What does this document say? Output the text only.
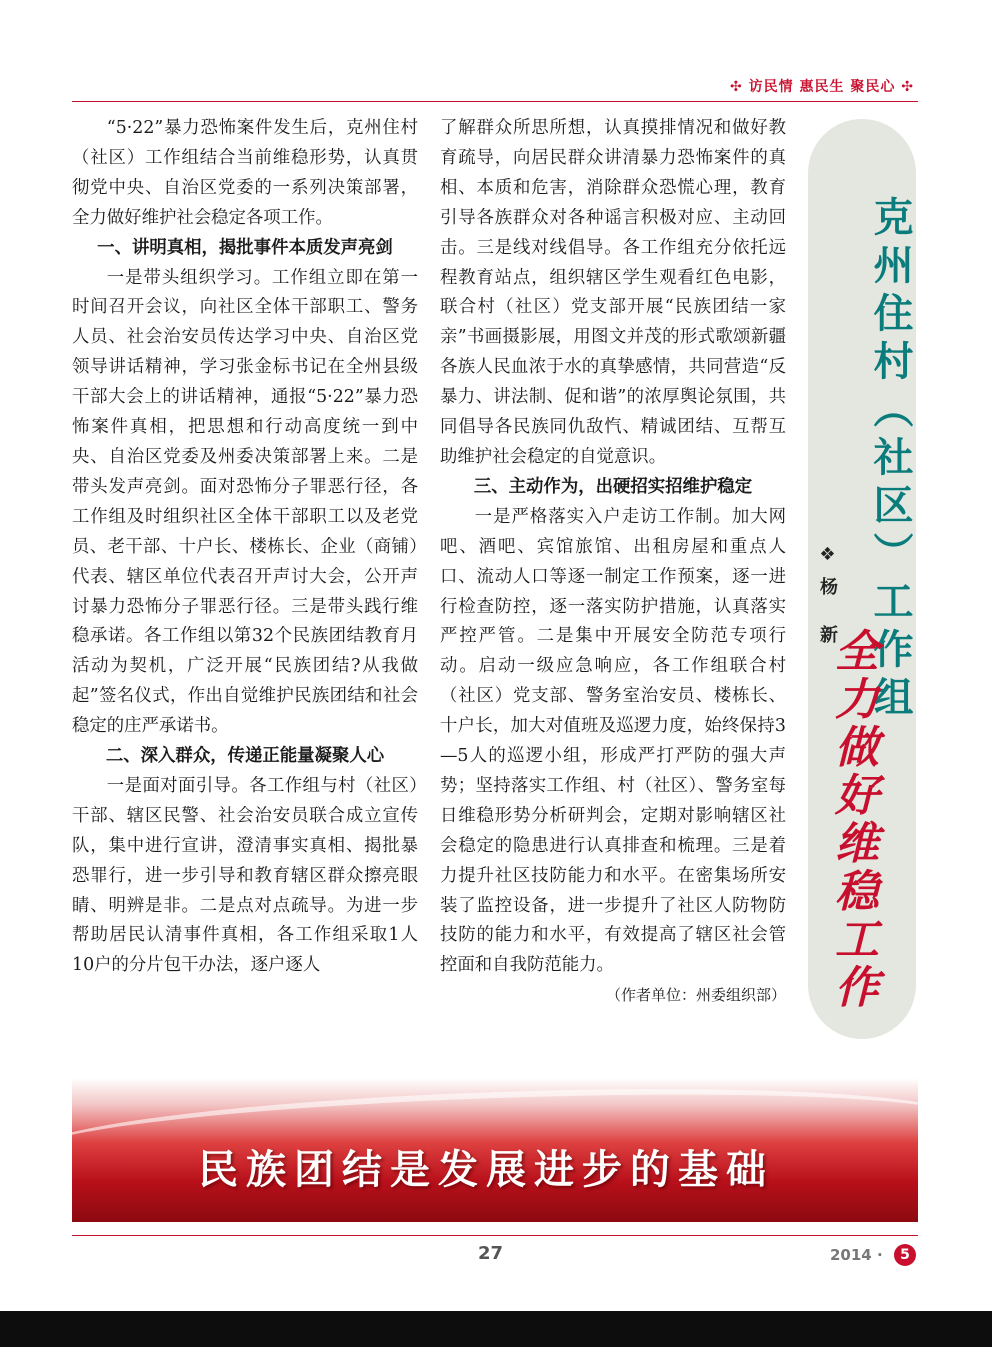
✣ 访民情 惠民生 聚民心 ✣

“5·22”暴力恐怖案件发生后，克州住村（社区）工作组结合当前维稳形势，认真贯彻党中央、自治区党委的一系列决策部署，全力做好维护社会稳定各项工作。

一、讲明真相，揭批事件本质发声亮剑

一是带头组织学习。工作组立即在第一时间召开会议，向社区全体干部职工、警务人员、社会治安员传达学习中央、自治区党领导讲话精神，学习张金标书记在全州县级干部大会上的讲话精神，通报“5·22”暴力恐怖案件真相，把思想和行动高度统一到中央、自治区党委及州委决策部署上来。二是带头发声亮剑。面对恐怖分子罪恶行径，各工作组及时组织社区全体干部职工以及老党员、老干部、十户长、楼栋长、企业（商铺）代表、辖区单位代表召开声讨大会，公开声讨暴力恐怖分子罪恶行径。三是带头践行维稳承诺。各工作组以第32个民族团结教育月活动为契机，广泛开展“民族团结?从我做起”签名仪式，作出自觉维护民族团结和社会稳定的庄严承诺书。

二、深入群众，传递正能量凝聚人心

一是面对面引导。各工作组与村（社区）干部、辖区民警、社会治安员联合成立宣传队，集中进行宣讲，澄清事实真相、揭批暴恐罪行，进一步引导和教育辖区群众擦亮眼睛、明辨是非。二是点对点疏导。为进一步帮助居民认清事件真相，各工作组采取1人10户的分片包干办法，逐户逐人

了解群众所思所想，认真摸排情况和做好教育疏导，向居民群众讲清暴力恐怖案件的真相、本质和危害，消除群众恐慌心理，教育引导各族群众对各种谣言积极对应、主动回击。三是线对线倡导。各工作组充分依托远程教育站点，组织辖区学生观看红色电影，联合村（社区）党支部开展“民族团结一家亲”书画摄影展，用图文并茂的形式歌颂新疆各族人民血浓于水的真挚感情，共同营造“反暴力、讲法制、促和谐”的浓厚舆论氛围，共同倡导各民族同仇敌忾、精诚团结、互帮互助维护社会稳定的自觉意识。

三、主动作为，出硬招实招维护稳定

一是严格落实入户走访工作制。加大网吧、酒吧、宾馆旅馆、出租房屋和重点人口、流动人口等逐一制定工作预案，逐一进行检查防控，逐一落实防护措施，认真落实严控严管。二是集中开展安全防范专项行动。启动一级应急响应，各工作组联合村（社区）党支部、警务室治安员、楼栋长、十户长，加大对值班及巡逻力度，始终保持3—5人的巡逻小组，形成严打严防的强大声势；坚持落实工作组、村（社区）、警务室每日维稳形势分析研判会，定期对影响辖区社会稳定的隐患进行认真排查和梳理。三是着力提升社区技防能力和水平。在密集场所安装了监控设备，进一步提升了社区人防物防技防的能力和水平，有效提高了辖区社会管控面和自我防范能力。
（作者单位：州委组织部）

克州住村（社区）工作组
❖杨 新
全力做好维稳工作
民族团结是发展进步的基础
27	2014 ·	5
